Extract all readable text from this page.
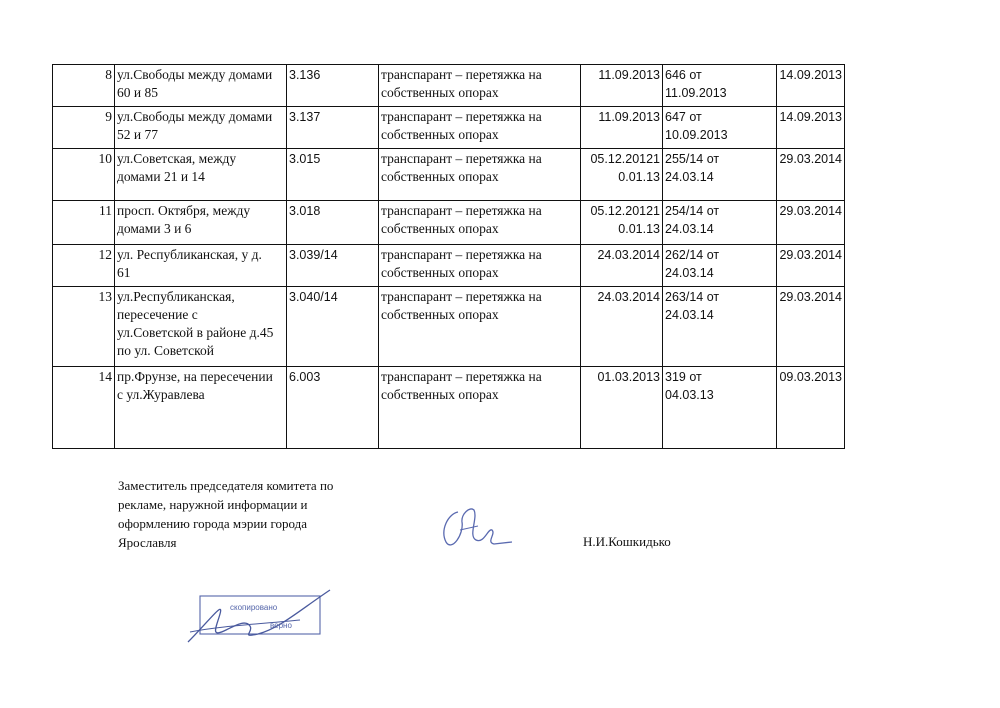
8	ул.Свободы между домами
60 и 85	3.136	транспарант – перетяжка на
собственных опорах	11.09.2013	646 от
11.09.2013	14.09.2013

9	ул.Свободы между домами
52 и 77	3.137	транспарант – перетяжка на
собственных опорах	11.09.2013	647 от
10.09.2013	14.09.2013

10	ул.Советская, между
домами 21 и 14	3.015	транспарант – перетяжка на
собственных опорах	05.12.20121
0.01.13	255/14 от
24.03.14	29.03.2014

11	просп. Октября, между
домами 3 и 6	3.018	транспарант – перетяжка на
собственных опорах	05.12.20121
0.01.13	254/14 от
24.03.14	29.03.2014

12	ул. Республиканская, у д.
61	3.039/14	транспарант – перетяжка на
собственных опорах	24.03.2014	262/14 от
24.03.14	29.03.2014

13	ул.Республиканская,
пересечение с
ул.Советской в районе д.45
по ул. Советской	3.040/14	транспарант – перетяжка на
собственных опорах	24.03.2014	263/14 от
24.03.14	29.03.2014

14	пр.Фрунзе, на пересечении
с ул.Журавлева	6.003	транспарант – перетяжка на
собственных опорах	01.03.2013	319 от
04.03.13	09.03.2013
Заместитель председателя комитета по рекламе, наружной информации и оформлению города мэрии города Ярославля	Н.И.Кошкидько
скопировано
верно
